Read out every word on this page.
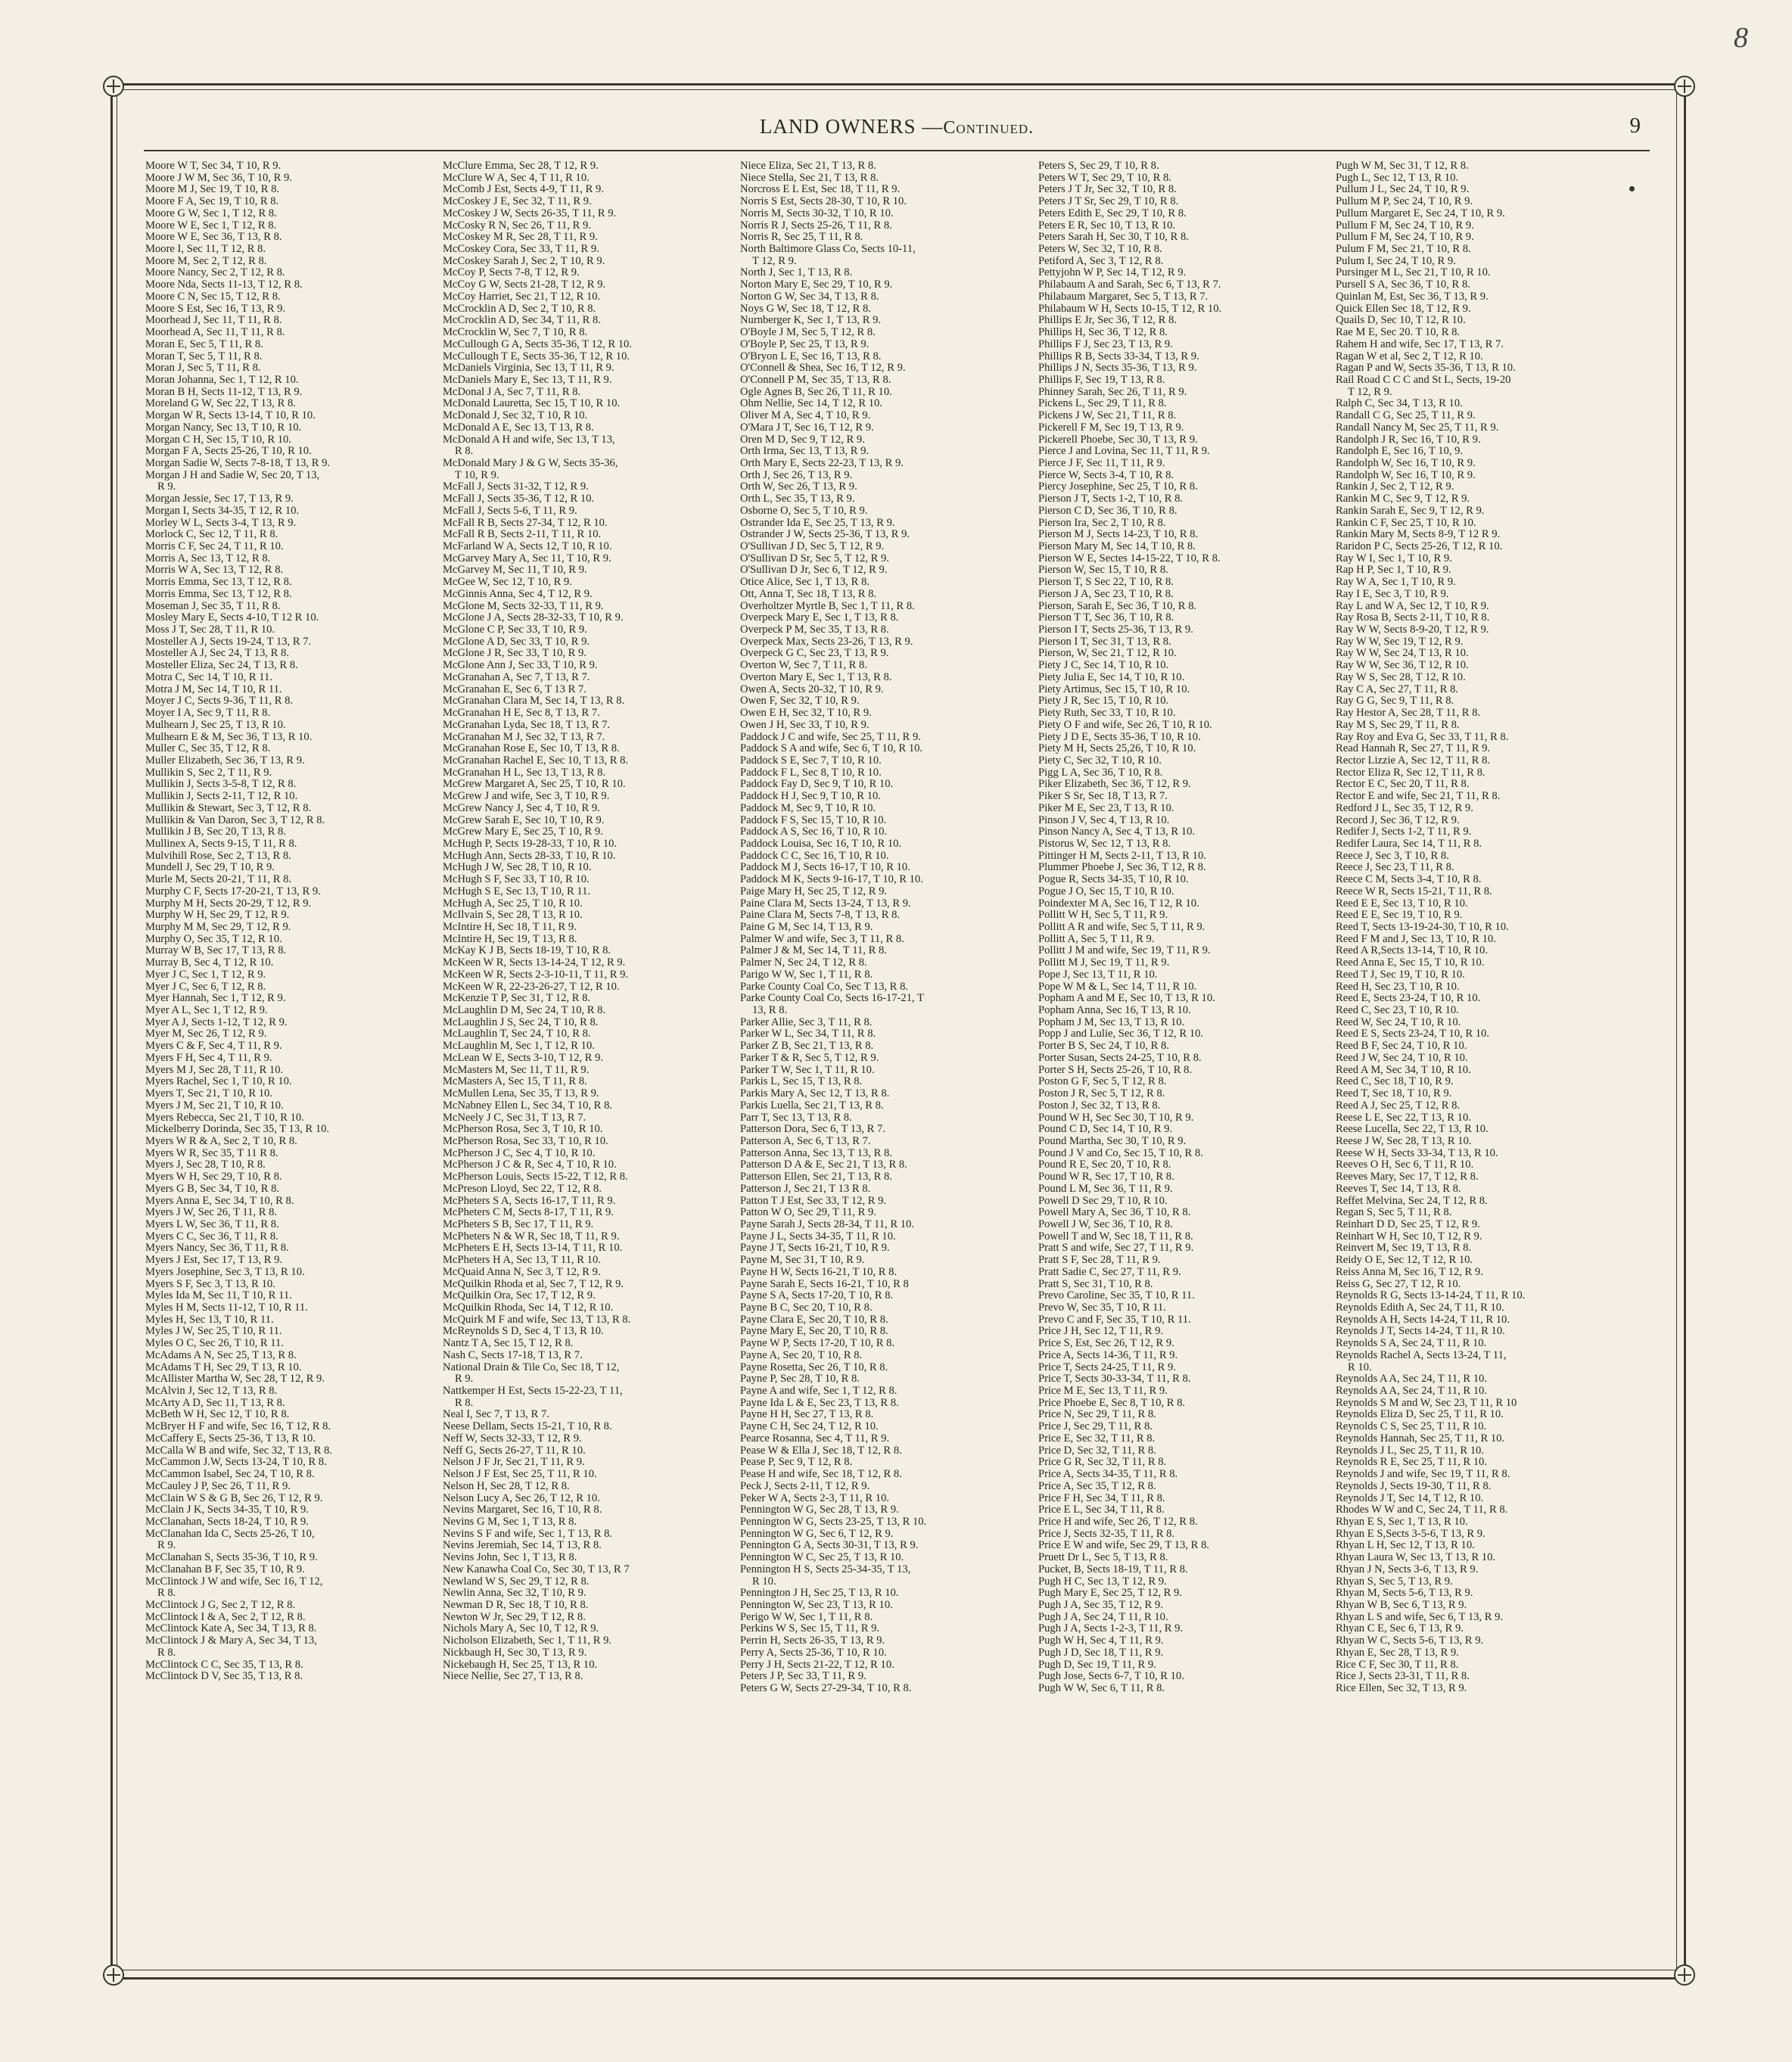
8
LAND OWNERS —Continued.	9
Moore W T, Sec 34, T 10, R 9.
Moore J W M, Sec 36, T 10, R 9.
Moore M J, Sec 19, T 10, R 8.
Moore F A, Sec 19, T 10, R 8.
Moore G W, Sec 1, T 12, R 8.
Moore W E, Sec 1, T 12, R 8.
Moore W E, Sec 36, T 13, R 8.
Moore I, Sec 11, T 12, R 8.
Moore M, Sec 2, T 12, R 8.
Moore Nancy, Sec 2, T 12, R 8.
Moore Nda, Sects 11-13, T 12, R 8.
Moore C N, Sec 15, T 12, R 8.
Moore S Est, Sec 16, T 13, R 9.
Moorhead J, Sec 11, T 11, R 8.
Moorhead A, Sec 11, T 11, R 8.
Moran E, Sec 5, T 11, R 8.
Moran T, Sec 5, T 11, R 8.
Moran J, Sec 5, T 11, R 8.
Moran Johanna, Sec 1, T 12, R 10.
Moran B H, Sects 11-12, T 13, R 9.
Moreland G W, Sec 22, T 13, R 8.
Morgan W R, Sects 13-14, T 10, R 10.
Morgan Nancy, Sec 13, T 10, R 10.
Morgan C H, Sec 15, T 10, R 10.
Morgan F A, Sects 25-26, T 10, R 10.
Morgan Sadie W, Sects 7-8-18, T 13, R 9.
Morgan J H and Sadie W, Sec 20, T 13,
R 9.
Morgan Jessie, Sec 17, T 13, R 9.
Morgan I, Sects 34-35, T 12, R 10.
Morley W L, Sects 3-4, T 13, R 9.
Morlock C, Sec 12, T 11, R 8.
Morris C F, Sec 24, T 11, R 10.
Morris A, Sec 13, T 12, R 8.
Morris W A, Sec 13, T 12, R 8.
Morris Emma, Sec 13, T 12, R 8.
Morris Emma, Sec 13, T 12, R 8.
Moseman J, Sec 35, T 11, R 8.
Mosley Mary E, Sects 4-10, T 12 R 10.
Moss J T, Sec 28, T 11, R 10.
Mosteller A J, Sects 19-24, T 13, R 7.
Mosteller A J, Sec 24, T 13, R 8.
Mosteller Eliza, Sec 24, T 13, R 8.
Motra C, Sec 14, T 10, R 11.
Motra J M, Sec 14, T 10, R 11.
Moyer J C, Sects 9-36, T 11, R 8.
Moyer I A, Sec 9, T 11, R 8.
Mulhearn J, Sec 25, T 13, R 10.
Mulhearn E & M, Sec 36, T 13, R 10.
Muller C, Sec 35, T 12, R 8.
Muller Elizabeth, Sec 36, T 13, R 9.
Mullikin S, Sec 2, T 11, R 9.
Mullikin J, Sects 3-5-8, T 12, R 8.
Mullikin J, Sects 2-11, T 12, R 10.
Mullikin & Stewart, Sec 3, T 12, R 8.
Mullikin & Van Daron, Sec 3, T 12, R 8.
Mullikin J B, Sec 20, T 13, R 8.
Mullinex A, Sects 9-15, T 11, R 8.
Mulvihill Rose, Sec 2, T 13, R 8.
Mundell J, Sec 29, T 10, R 9.
Murle M, Sects 20-21, T 11, R 8.
Murphy C F, Sects 17-20-21, T 13, R 9.
Murphy M H, Sects 20-29, T 12, R 9.
Murphy W H, Sec 29, T 12, R 9.
Murphy M M, Sec 29, T 12, R 9.
Murphy O, Sec 35, T 12, R 10.
Murray W B, Sec 17, T 13, R 8.
Murray B, Sec 4, T 12, R 10.
Myer J C, Sec 1, T 12, R 9.
Myer J C, Sec 6, T 12, R 8.
Myer Hannah, Sec 1, T 12, R 9.
Myer A L, Sec 1, T 12, R 9.
Myer A J, Sects 1-12, T 12, R 9.
Myer M, Sec 26, T 12, R 9.
Myers C & F, Sec 4, T 11, R 9.
Myers F H, Sec 4, T 11, R 9.
Myers M J, Sec 28, T 11, R 10.
Myers Rachel, Sec 1, T 10, R 10.
Myers T, Sec 21, T 10, R 10.
Myers J M, Sec 21, T 10, R 10.
Myers Rebecca, Sec 21, T 10, R 10.
Mickelberry Dorinda, Sec 35, T 13, R 10.
Myers W R & A, Sec 2, T 10, R 8.
Myers W R, Sec 35, T 11 R 8.
Myers J, Sec 28, T 10, R 8.
Myers W H, Sec 29, T 10, R 8.
Myers G B, Sec 34, T 10, R 8.
Myers Anna E, Sec 34, T 10, R 8.
Myers J W, Sec 26, T 11, R 8.
Myers L W, Sec 36, T 11, R 8.
Myers C C, Sec 36, T 11, R 8.
Myers Nancy, Sec 36, T 11, R 8.
Myers J Est, Sec 17, T 13, R 9.
Myers Josephine, Sec 3, T 13, R 10.
Myers S F, Sec 3, T 13, R 10.
Myles Ida M, Sec 11, T 10, R 11.
Myles H M, Sects 11-12, T 10, R 11.
Myles H, Sec 13, T 10, R 11.
Myles J W, Sec 25, T 10, R 11.
Myles O C, Sec 26, T 10, R 11.
McAdams A N, Sec 25, T 13, R 8.
McAdams T H, Sec 29, T 13, R 10.
McAllister Martha W, Sec 28, T 12, R 9.
McAlvin J, Sec 12, T 13, R 8.
McArty A D, Sec 11, T 13, R 8.
McBeth W H, Sec 12, T 10, R 8.
McBryer H F and wife, Sec 16, T 12, R 8.
McCaffery E, Sects 25-36, T 13, R 10.
McCalla W B and wife, Sec 32, T 13, R 8.
McCammon J.W, Sects 13-24, T 10, R 8.
McCammon Isabel, Sec 24, T 10, R 8.
McCauley J P, Sec 26, T 11, R 9.
McClain W S & G B, Sec 26, T 12, R 9.
McClain J K, Sects 34-35, T 10, R 9.
McClanahan, Sects 18-24, T 10, R 9.
McClanahan Ida C, Sects 25-26, T 10,
R 9.
McClanahan S, Sects 35-36, T 10, R 9.
McClanahan B F, Sec 35, T 10, R 9.
McClintock J W and wife, Sec 16, T 12,
R 8.
McClintock J G, Sec 2, T 12, R 8.
McClintock I & A, Sec 2, T 12, R 8.
McClintock Kate A, Sec 34, T 13, R 8.
McClintock J & Mary A, Sec 34, T 13,
R 8.
McClintock C C, Sec 35, T 13, R 8.
McClintock D V, Sec 35, T 13, R 8.
McClure Emma, Sec 28, T 12, R 9.
McClure W A, Sec 4, T 11, R 10.
McComb J Est, Sects 4-9, T 11, R 9.
McCoskey J E, Sec 32, T 11, R 9.
McCoskey J W, Sects 26-35, T 11, R 9.
McCosky R N, Sec 26, T 11, R 9.
McCoskey M R, Sec 28, T 11, R 9.
McCoskey Cora, Sec 33, T 11, R 9.
McCoskey Sarah J, Sec 2, T 10, R 9.
McCoy P, Sects 7-8, T 12, R 9.
McCoy G W, Sects 21-28, T 12, R 9.
McCoy Harriet, Sec 21, T 12, R 10.
McCrocklin A D, Sec 2, T 10, R 8.
McCrocklin A D, Sec 34, T 11, R 8.
McCrocklin W, Sec 7, T 10, R 8.
McCullough G A, Sects 35-36, T 12, R 10.
McCullough T E, Sects 35-36, T 12, R 10.
McDaniels Virginia, Sec 13, T 11, R 9.
McDaniels Mary E, Sec 13, T 11, R 9.
McDonal J A, Sec 7, T 11, R 8.
McDonald Lauretta, Sec 15, T 10, R 10.
McDonald J, Sec 32, T 10, R 10.
McDonald A E, Sec 13, T 13, R 8.
McDonald A H and wife, Sec 13, T 13,
R 8.
McDonald Mary J & G W, Sects 35-36,
T 10, R 9.
McFall J, Sects 31-32, T 12, R 9.
McFall J, Sects 35-36, T 12, R 10.
McFall J, Sects 5-6, T 11, R 9.
McFall R B, Sects 27-34, T 12, R 10.
McFall R B, Sects 2-11, T 11, R 10.
McFarland W A, Sects 12, T 10, R 10.
McGarvey Mary A, Sec 11, T 10, R 9.
McGarvey M, Sec 11, T 10, R 9.
McGee W, Sec 12, T 10, R 9.
McGinnis Anna, Sec 4, T 12, R 9.
McGlone M, Sects 32-33, T 11, R 9.
McGlone J A, Sects 28-32-33, T 10, R 9.
McGlone C P, Sec 33, T 10, R 9.
McGlone A D, Sec 33, T 10, R 9.
McGlone J R, Sec 33, T 10, R 9.
McGlone Ann J, Sec 33, T 10, R 9.
McGranahan A, Sec 7, T 13, R 7.
McGranahan E, Sec 6, T 13 R 7.
McGranahan Clara M, Sec 14, T 13, R 8.
McGranahan H E, Sec 8, T 13, R 7.
McGranahan Lyda, Sec 18, T 13, R 7.
McGranahan M J, Sec 32, T 13, R 7.
McGranahan Rose E, Sec 10, T 13, R 8.
McGranahan Rachel E, Sec 10, T 13, R 8.
McGranahan H L, Sec 13, T 13, R 8.
McGrew Margaret A, Sec 25, T 10, R 10.
McGrew J and wife, Sec 3, T 10, R 9.
McGrew Nancy J, Sec 4, T 10, R 9.
McGrew Sarah E, Sec 10, T 10, R 9.
McGrew Mary E, Sec 25, T 10, R 9.
McHugh P, Sects 19-28-33, T 10, R 10.
McHugh Ann, Sects 28-33, T 10, R 10.
McHugh J W, Sec 28, T 10, R 10.
McHugh S F, Sec 33, T 10, R 10.
McHugh S E, Sec 13, T 10, R 11.
McHugh A, Sec 25, T 10, R 10.
McIlvain S, Sec 28, T 13, R 10.
McIntire H, Sec 18, T 11, R 9.
McIntire H, Sec 19, T 13, R 8.
McKay K J B, Sects 18-19, T 10, R 8.
McKeen W R, Sects 13-14-24, T 12, R 9.
McKeen W R, Sects 2-3-10-11, T 11, R 9.
McKeen W R, 22-23-26-27, T 12, R 10.
McKenzie T P, Sec 31, T 12, R 8.
McLaughlin D M, Sec 24, T 10, R 8.
McLaughlin J S, Sec 24, T 10, R 8.
McLaughlin T, Sec 24, T 10, R 8.
McLaughlin M, Sec 1, T 12, R 10.
McLean W E, Sects 3-10, T 12, R 9.
McMasters M, Sec 11, T 11, R 9.
McMasters A, Sec 15, T 11, R 8.
McMullen Lena, Sec 35, T 13, R 9.
McNabney Ellen L, Sec 34, T 10, R 8.
McNeely J C, Sec 31, T 13, R 7.
McPherson Rosa, Sec 3, T 10, R 10.
McPherson Rosa, Sec 33, T 10, R 10.
McPherson J C, Sec 4, T 10, R 10.
McPherson J C & R, Sec 4, T 10, R 10.
McPherson Louis, Sects 15-22, T 12, R 8.
McPreson Lloyd, Sec 22, T 12, R 8.
McPheters S A, Sects 16-17, T 11, R 9.
McPheters C M, Sects 8-17, T 11, R 9.
McPheters S B, Sec 17, T 11, R 9.
McPheters N & W R, Sec 18, T 11, R 9.
McPheters E H, Sects 13-14, T 11, R 10.
McPheters H A, Sec 13, T 11, R 10.
McQuaid Anna N, Sec 3, T 12, R 9.
McQuilkin Rhoda et al, Sec 7, T 12, R 9.
McQuilkin Ora, Sec 17, T 12, R 9.
McQuilkin Rhoda, Sec 14, T 12, R 10.
McQuirk M F and wife, Sec 13, T 13, R 8.
McReynolds S D, Sec 4, T 13, R 10.
Nantz T A, Sec 15, T 12, R 8.
Nash C, Sects 17-18, T 13, R 7.
National Drain & Tile Co, Sec 18, T 12,
R 9.
Nattkemper H Est, Sects 15-22-23, T 11,
R 8.
Neal I, Sec 7, T 13, R 7.
Neese Dellam, Sects 15-21, T 10, R 8.
Neff W, Sects 32-33, T 12, R 9.
Neff G, Sects 26-27, T 11, R 10.
Nelson J F Jr, Sec 21, T 11, R 9.
Nelson J F Est, Sec 25, T 11, R 10.
Nelson H, Sec 28, T 12, R 8.
Nelson Lucy A, Sec 26, T 12, R 10.
Nevins Margaret, Sec 16, T 10, R 8.
Nevins G M, Sec 1, T 13, R 8.
Nevins S F and wife, Sec 1, T 13, R 8.
Nevins Jeremiah, Sec 14, T 13, R 8.
Nevins John, Sec 1, T 13, R 8.
New Kanawha Coal Co, Sec 30, T 13, R 7
Newland W S, Sec 29, T 12, R 8.
Newlin Anna, Sec 32, T 10, R 9.
Newman D R, Sec 18, T 10, R 8.
Newton W Jr, Sec 29, T 12, R 8.
Nichols Mary A, Sec 10, T 12, R 9.
Nicholson Elizabeth, Sec 1, T 11, R 9.
Nickbaugh H, Sec 30, T 13, R 9.
Nickebaugh H, Sec 25, T 13, R 10.
Niece Nellie, Sec 27, T 13, R 8.
Niece Eliza, Sec 21, T 13, R 8.
Niece Stella, Sec 21, T 13, R 8.
Norcross E L Est, Sec 18, T 11, R 9.
Norris S Est, Sects 28-30, T 10, R 10.
Norris M, Sects 30-32, T 10, R 10.
Norris R J, Sects 25-26, T 11, R 8.
Norris R, Sec 25, T 11, R 8.
North Baltimore Glass Co, Sects 10-11,
T 12, R 9.
North J, Sec 1, T 13, R 8.
Norton Mary E, Sec 29, T 10, R 9.
Norton G W, Sec 34, T 13, R 8.
Noys G W, Sec 18, T 12, R 8.
Nurnberger K, Sec 1, T 13, R 9.
O'Boyle J M, Sec 5, T 12, R 8.
O'Boyle P, Sec 25, T 13, R 9.
O'Bryon L E, Sec 16, T 13, R 8.
O'Connell & Shea, Sec 16, T 12, R 9.
O'Connell P M, Sec 35, T 13, R 8.
Ogle Agnes B, Sec 26, T 11, R 10.
Ohm Nellie, Sec 14, T 12, R 10.
Oliver M A, Sec 4, T 10, R 9.
O'Mara J T, Sec 16, T 12, R 9.
Oren M D, Sec 9, T 12, R 9.
Orth Irma, Sec 13, T 13, R 9.
Orth Mary E, Sects 22-23, T 13, R 9.
Orth J, Sec 26, T 13, R 9.
Orth W, Sec 26, T 13, R 9.
Orth L, Sec 35, T 13, R 9.
Osborne O, Sec 5, T 10, R 9.
Ostrander Ida E, Sec 25, T 13, R 9.
Ostrander J W, Sects 25-36, T 13, R 9.
O'Sullivan J D, Sec 5, T 12, R 9.
O'Sullivan D Sr, Sec 5, T 12, R 9.
O'Sullivan D Jr, Sec 6, T 12, R 9.
Otice Alice, Sec 1, T 13, R 8.
Ott, Anna T, Sec 18, T 13, R 8.
Overholtzer Myrtle B, Sec 1, T 11, R 8.
Overpeck Mary E, Sec 1, T 13, R 8.
Overpeck P M, Sec 35, T 13, R 8.
Overpeck Max, Sects 23-26, T 13, R 9.
Overpeck G C, Sec 23, T 13, R 9.
Overton W, Sec 7, T 11, R 8.
Overton Mary E, Sec 1, T 13, R 8.
Owen A, Sects 20-32, T 10, R 9.
Owen F, Sec 32, T 10, R 9.
Owen E H, Sec 32, T 10, R 9.
Owen J H, Sec 33, T 10, R 9.
Paddock J C and wife, Sec 25, T 11, R 9.
Paddock S A and wife, Sec 6, T 10, R 10.
Paddock S E, Sec 7, T 10, R 10.
Paddock F L, Sec 8, T 10, R 10.
Paddock Fay D, Sec 9, T 10, R 10.
Paddock H J, Sec 9, T 10, R 10.
Paddock M, Sec 9, T 10, R 10.
Paddock F S, Sec 15, T 10, R 10.
Paddock A S, Sec 16, T 10, R 10.
Paddock Louisa, Sec 16, T 10, R 10.
Paddock C C, Sec 16, T 10, R 10.
Paddock M J, Sects 16-17, T 10, R 10.
Paddock M K, Sects 9-16-17, T 10, R 10.
Paige Mary H, Sec 25, T 12, R 9.
Paine Clara M, Sects 13-24, T 13, R 9.
Paine Clara M, Sects 7-8, T 13, R 8.
Paine G M, Sec 14, T 13, R 9.
Palmer W and wife, Sec 3, T 11, R 8.
Palmer J & M, Sec 14, T 11, R 8.
Palmer N, Sec 24, T 12, R 8.
Parigo W W, Sec 1, T 11, R 8.
Parke County Coal Co, Sec T 13, R 8.
Parke County Coal Co, Sects 16-17-21, T
13, R 8.
Parker Allie, Sec 3, T 11, R 8.
Parker W L, Sec 34, T 11, R 8.
Parker Z B, Sec 21, T 13, R 8.
Parker T & R, Sec 5, T 12, R 9.
Parker T W, Sec 1, T 11, R 10.
Parkis L, Sec 15, T 13, R 8.
Parkis Mary A, Sec 12, T 13, R 8.
Parkis Luella, Sec 21, T 13, R 8.
Parr T, Sec 13, T 13, R 8.
Patterson Dora, Sec 6, T 13, R 7.
Patterson A, Sec 6, T 13, R 7.
Patterson Anna, Sec 13, T 13, R 8.
Patterson D A & E, Sec 21, T 13, R 8.
Patterson Ellen, Sec 21, T 13, R 8.
Patterson J, Sec 21, T 13 R 8.
Patton T J Est, Sec 33, T 12, R 9.
Patton W O, Sec 29, T 11, R 9.
Payne Sarah J, Sects 28-34, T 11, R 10.
Payne J L, Sects 34-35, T 11, R 10.
Payne J T, Sects 16-21, T 10, R 9.
Payne M, Sec 31, T 10, R 9.
Payne H W, Sects 16-21, T 10, R 8.
Payne Sarah E, Sects 16-21, T 10, R 8
Payne S A, Sects 17-20, T 10, R 8.
Payne B C, Sec 20, T 10, R 8.
Payne Clara E, Sec 20, T 10, R 8.
Payne Mary E, Sec 20, T 10, R 8.
Payne W P, Sects 17-20, T 10, R 8.
Payne A, Sec 20, T 10, R 8.
Payne Rosetta, Sec 26, T 10, R 8.
Payne P, Sec 28, T 10, R 8.
Payne A and wife, Sec 1, T 12, R 8.
Payne Ida L & E, Sec 23, T 13, R 8.
Payne H H, Sec 27, T 13, R 8.
Payne C H, Sec 24, T 12, R 10.
Pearce Rosanna, Sec 4, T 11, R 9.
Pease W & Ella J, Sec 18, T 12, R 8.
Pease P, Sec 9, T 12, R 8.
Pease H and wife, Sec 18, T 12, R 8.
Peck J, Sects 2-11, T 12, R 9.
Peker W A, Sects 2-3, T 11, R 10.
Pennington W G, Sec 28, T 13, R 9.
Pennington W G, Sects 23-25, T 13, R 10.
Pennington W G, Sec 6, T 12, R 9.
Pennington G A, Sects 30-31, T 13, R 9.
Pennington W C, Sec 25, T 13, R 10.
Pennington H S, Sects 25-34-35, T 13,
R 10.
Pennington J H, Sec 25, T 13, R 10.
Pennington W, Sec 23, T 13, R 10.
Perigo W W, Sec 1, T 11, R 8.
Perkins W S, Sec 15, T 11, R 9.
Perrin H, Sects 26-35, T 13, R 9.
Perry A, Sects 25-36, T 10, R 10.
Perry J H, Sects 21-22, T 12, R 10.
Peters J P, Sec 33, T 11, R 9.
Peters G W, Sects 27-29-34, T 10, R 8.
Peters S, Sec 29, T 10, R 8.
Peters W T, Sec 29, T 10, R 8.
Peters J T Jr, Sec 32, T 10, R 8.
Peters J T Sr, Sec 29, T 10, R 8.
Peters Edith E, Sec 29, T 10, R 8.
Peters E R, Sec 10, T 13, R 10.
Peters Sarah H, Sec 30, T 10, R 8.
Peters W, Sec 32, T 10, R 8.
Petiford A, Sec 3, T 12, R 8.
Pettyjohn W P, Sec 14, T 12, R 9.
Philabaum A and Sarah, Sec 6, T 13, R 7.
Philabaum Margaret, Sec 5, T 13, R 7.
Philabaum W H, Sects 10-15, T 12, R 10.
Phillips E Jr, Sec 36, T 12, R 8.
Phillips H, Sec 36, T 12, R 8.
Phillips F J, Sec 23, T 13, R 9.
Phillips R B, Sects 33-34, T 13, R 9.
Phillips J N, Sects 35-36, T 13, R 9.
Phillips F, Sec 19, T 13, R 8.
Phinney Sarah, Sec 26, T 11, R 9.
Pickens L, Sec 29, T 11, R 8.
Pickens J W, Sec 21, T 11, R 8.
Pickerell F M, Sec 19, T 13, R 9.
Pickerell Phoebe, Sec 30, T 13, R 9.
Pierce J and Lovina, Sec 11, T 11, R 9.
Pierce J F, Sec 11, T 11, R 9.
Pierce W, Sects 3-4, T 10, R 8.
Piercy Josephine, Sec 25, T 10, R 8.
Pierson J T, Sects 1-2, T 10, R 8.
Pierson C D, Sec 36, T 10, R 8.
Pierson Ira, Sec 2, T 10, R 8.
Pierson M J, Sects 14-23, T 10, R 8.
Pierson Mary M, Sec 14, T 10, R 8.
Pierson W E, Sectes 14-15-22, T 10, R 8.
Pierson W, Sec 15, T 10, R 8.
Pierson T, S Sec 22, T 10, R 8.
Pierson J A, Sec 23, T 10, R 8.
Pierson, Sarah E, Sec 36, T 10, R 8.
Pierson T T, Sec 36, T 10, R 8.
Pierson I T, Sects 25-36, T 13, R 9.
Pierson I T, Sec 31, T 13, R 8.
Pierson, W, Sec 21, T 12, R 10.
Piety J C, Sec 14, T 10, R 10.
Piety Julia E, Sec 14, T 10, R 10.
Piety Artimus, Sec 15, T 10, R 10.
Piety J R, Sec 15, T 10, R 10.
Piety Ruth, Sec 33, T 10, R 10.
Piety O F and wife, Sec 26, T 10, R 10.
Piety J D E, Sects 35-36, T 10, R 10.
Piety M H, Sects 25,26, T 10, R 10.
Piety C, Sec 32, T 10, R 10.
Pigg L A, Sec 36, T 10, R 8.
Piker Elizabeth, Sec 36, T 12, R 9.
Piker S Sr, Sec 18, T 13, R 7.
Piker M E, Sec 23, T 13, R 10.
Pinson J V, Sec 4, T 13, R 10.
Pinson Nancy A, Sec 4, T 13, R 10.
Pistorus W, Sec 12, T 13, R 8.
Pittinger H M, Sects 2-11, T 13, R 10.
Plummer Phoebe J, Sec 36, T 12, R 8.
Pogue R, Sects 34-35, T 10, R 10.
Pogue J O, Sec 15, T 10, R 10.
Poindexter M A, Sec 16, T 12, R 10.
Pollitt W H, Sec 5, T 11, R 9.
Pollitt A R and wife, Sec 5, T 11, R 9.
Pollitt A, Sec 5, T 11, R 9.
Pollitt J M and wife, Sec 19, T 11, R 9.
Pollitt M J, Sec 19, T 11, R 9.
Pope J, Sec 13, T 11, R 10.
Pope W M & L, Sec 14, T 11, R 10.
Popham A and M E, Sec 10, T 13, R 10.
Popham Anna, Sec 16, T 13, R 10.
Popham J M, Sec 13, T 13, R 10.
Popp J and Lulie, Sec 36, T 12, R 10.
Porter B S, Sec 24, T 10, R 8.
Porter Susan, Sects 24-25, T 10, R 8.
Porter S H, Sects 25-26, T 10, R 8.
Poston G F, Sec 5, T 12, R 8.
Poston J R, Sec 5, T 12, R 8.
Poston J, Sec 32, T 13, R 8.
Pound W H, Sec Sec 30, T 10, R 9.
Pound C D, Sec 14, T 10, R 9.
Pound Martha, Sec 30, T 10, R 9.
Pound J V and Co, Sec 15, T 10, R 8.
Pound R E, Sec 20, T 10, R 8.
Pound W R, Sec 17, T 10, R 8.
Pound L M, Sec 36, T 11, R 9.
Powell D Sec 29, T 10, R 10.
Powell Mary A, Sec 36, T 10, R 8.
Powell J W, Sec 36, T 10, R 8.
Powell T and W, Sec 18, T 11, R 8.
Pratt S and wife, Sec 27, T 11, R 9.
Pratt S F, Sec 28, T 11, R 9.
Pratt Sadie C, Sec 27, T 11, R 9.
Pratt S, Sec 31, T 10, R 8.
Prevo Caroline, Sec 35, T 10, R 11.
Prevo W, Sec 35, T 10, R 11.
Prevo C and F, Sec 35, T 10, R 11.
Price J H, Sec 12, T 11, R 9.
Price S, Est, Sec 26, T 12, R 9.
Price A, Sects 14-36, T 11, R 9.
Price T, Sects 24-25, T 11, R 9.
Price T, Sects 30-33-34, T 11, R 8.
Price M E, Sec 13, T 11, R 9.
Price Phoebe E, Sec 8, T 10, R 8.
Price N, Sec 29, T 11, R 8.
Price J, Sec 29, T 11, R 8.
Price E, Sec 32, T 11, R 8.
Price D, Sec 32, T 11, R 8.
Price G R, Sec 32, T 11, R 8.
Price A, Sects 34-35, T 11, R 8.
Price A, Sec 35, T 12, R 8.
Price F H, Sec 34, T 11, R 8.
Price E L, Sec 34, T 11, R 8.
Price H and wife, Sec 26, T 12, R 8.
Price J, Sects 32-35, T 11, R 8.
Price E W and wife, Sec 29, T 13, R 8.
Pruett Dr L, Sec 5, T 13, R 8.
Pucket, B, Sects 18-19, T 11, R 8.
Pugh H C, Sec 13, T 12, R 9.
Pugh Mary E, Sec 25, T 12, R 9.
Pugh J A, Sec 35, T 12, R 9.
Pugh J A, Sec 24, T 11, R 10.
Pugh J A, Sects 1-2-3, T 11, R 9.
Pugh W H, Sec 4, T 11, R 9.
Pugh J D, Sec 18, T 11, R 9.
Pugh D, Sec 19, T 11, R 9.
Pugh Jose, Sects 6-7, T 10, R 10.
Pugh W W, Sec 6, T 11, R 8.
Pugh W M, Sec 31, T 12, R 8.
Pugh L, Sec 12, T 13, R 10.
Pullum J L, Sec 24, T 10, R 9.
Pullum M P, Sec 24, T 10, R 9.
Pullum Margaret E, Sec 24, T 10, R 9.
Pullum F M, Sec 24, T 10, R 9.
Pullum F M, Sec 24, T 10, R 9.
Pulum F M, Sec 21, T 10, R 8.
Pulum I, Sec 24, T 10, R 9.
Pursinger M L, Sec 21, T 10, R 10.
Pursell S A, Sec 36, T 10, R 8.
Quinlan M, Est, Sec 36, T 13, R 9.
Quick Ellen Sec 18, T 12, R 9.
Quails D, Sec 10, T 12, R 10.
Rae M E, Sec 20. T 10, R 8.
Rahem H and wife, Sec 17, T 13, R 7.
Ragan W et al, Sec 2, T 12, R 10.
Ragan P and W, Sects 35-36, T 13, R 10.
Rail Road C C C and St L, Sects, 19-20
T 12, R 9.
Ralph C, Sec 34, T 13, R 10.
Randall C G, Sec 25, T 11, R 9.
Randall Nancy M, Sec 25, T 11, R 9.
Randolph J R, Sec 16, T 10, R 9.
Randolph E, Sec 16, T 10, 9.
Randolph W, Sec 16, T 10, R 9.
Randolph W, Sec 16, T 10, R 9.
Rankin J, Sec 2, T 12, R 9.
Rankin M C, Sec 9, T 12, R 9.
Rankin Sarah E, Sec 9, T 12, R 9.
Rankin C F, Sec 25, T 10, R 10.
Rankin Mary M, Sects 8-9, T 12 R 9.
Raridon P C, Sects 25-26, T 12, R 10.
Ray W I, Sec 1, T 10, R 9.
Rap H P, Sec 1, T 10, R 9.
Ray W A, Sec 1, T 10, R 9.
Ray I E, Sec 3, T 10, R 9.
Ray L and W A, Sec 12, T 10, R 9.
Ray Rosa B, Sects 2-11, T 10, R 8.
Ray W W, Sects 8-9-20, T 12, R 9.
Ray W W, Sec 19, T 12, R 9.
Ray W W, Sec 24, T 13, R 10.
Ray W W, Sec 36, T 12, R 10.
Ray W S, Sec 28, T 12, R 10.
Ray C A, Sec 27, T 11, R 8.
Ray G G, Sec 9, T 11, R 8.
Ray Hestor A, Sec 28, T 11, R 8.
Ray M S, Sec 29, T 11, R 8.
Ray Roy and Eva G, Sec 33, T 11, R 8.
Read Hannah R, Sec 27, T 11, R 9.
Rector Lizzie A, Sec 12, T 11, R 8.
Rector Eliza R, Sec 12, T 11, R 8.
Rector E C, Sec 20, T 11, R 8.
Rector E and wife, Sec 21, T 11, R 8.
Redford J L, Sec 35, T 12, R 9.
Record J, Sec 36, T 12, R 9.
Redifer J, Sects 1-2, T 11, R 9.
Redifer Laura, Sec 14, T 11, R 8.
Reece J, Sec 3, T 10, R 8.
Reece J, Sec 23, T 11, R 8.
Reece C M, Sects 3-4, T 10, R 8.
Reece W R, Sects 15-21, T 11, R 8.
Reed E E, Sec 13, T 10, R 10.
Reed E E, Sec 19, T 10, R 9.
Reed T, Sects 13-19-24-30, T 10, R 10.
Reed F M and J, Sec 13, T 10, R 10.
Reed A R,Sects 13-14, T 10, R 10.
Reed Anna E, Sec 15, T 10, R 10.
Reed T J, Sec 19, T 10, R 10.
Reed H, Sec 23, T 10, R 10.
Reed E, Sects 23-24, T 10, R 10.
Reed C, Sec 23, T 10, R 10.
Reed W, Sec 24, T 10, R 10.
Reed E S, Sects 23-24, T 10, R 10.
Reed B F, Sec 24, T 10, R 10.
Reed J W, Sec 24, T 10, R 10.
Reed A M, Sec 34, T 10, R 10.
Reed C, Sec 18, T 10, R 9.
Reed T, Sec 18, T 10, R 9.
Reed A J, Sec 25, T 12, R 8.
Reese L E, Sec 22, T 13, R 10.
Reese Lucella, Sec 22, T 13, R 10.
Reese J W, Sec 28, T 13, R 10.
Reese W H, Sects 33-34, T 13, R 10.
Reeves O H, Sec 6, T 11, R 10.
Reeves Mary, Sec 17, T 12, R 8.
Reeves T, Sec 14, T 13, R 8.
Reffet Melvina, Sec 24, T 12, R 8.
Regan S, Sec 5, T 11, R 8.
Reinhart D D, Sec 25, T 12, R 9.
Reinhart W H, Sec 10, T 12, R 9.
Reinvert M, Sec 19, T 13, R 8.
Reidy O E, Sec 12, T 12, R 10.
Reiss Anna M, Sec 16, T 12, R 9.
Reiss G, Sec 27, T 12, R 10.
Reynolds R G, Sects 13-14-24, T 11, R 10.
Reynolds Edith A, Sec 24, T 11, R 10.
Reynolds A H, Sects 14-24, T 11, R 10.
Reynolds J T, Sects 14-24, T 11, R 10.
Reynolds S A, Sec 24, T 11, R 10.
Reynolds Rachel A, Sects 13-24, T 11,
R 10.
Reynolds A A, Sec 24, T 11, R 10.
Reynolds A A, Sec 24, T 11, R 10.
Reynolds S M and W, Sec 23, T 11, R 10
Reynolds Eliza D, Sec 25, T 11, R 10.
Reynolds C S, Sec 25, T 11, R 10.
Reynolds Hannah, Sec 25, T 11, R 10.
Reynolds J L, Sec 25, T 11, R 10.
Reynolds R E, Sec 25, T 11, R 10.
Reynolds J and wife, Sec 19, T 11, R 8.
Reynolds J, Sects 19-30, T 11, R 8.
Reynolds J T, Sec 14, T 12, R 10.
Rhodes W W and C, Sec 24, T 11, R 8.
Rhyan E S, Sec 1, T 13, R 10.
Rhyan E S,Sects 3-5-6, T 13, R 9.
Rhyan L H, Sec 12, T 13, R 10.
Rhyan Laura W, Sec 13, T 13, R 10.
Rhyan J N, Sects 3-6, T 13, R 9.
Rhyan S, Sec 5, T 13, R 9.
Rhyan M, Sects 5-6, T 13, R 9.
Rhyan W B, Sec 6, T 13, R 9.
Rhyan L S and wife, Sec 6, T 13, R 9.
Rhyan C E, Sec 6, T 13, R 9.
Rhyan W C, Sects 5-6, T 13, R 9.
Rhyan E, Sec 28, T 13, R 9.
Rice C F, Sec 30, T 11, R 8.
Rice J, Sects 23-31, T 11, R 8.
Rice Ellen, Sec 32, T 13, R 9.
